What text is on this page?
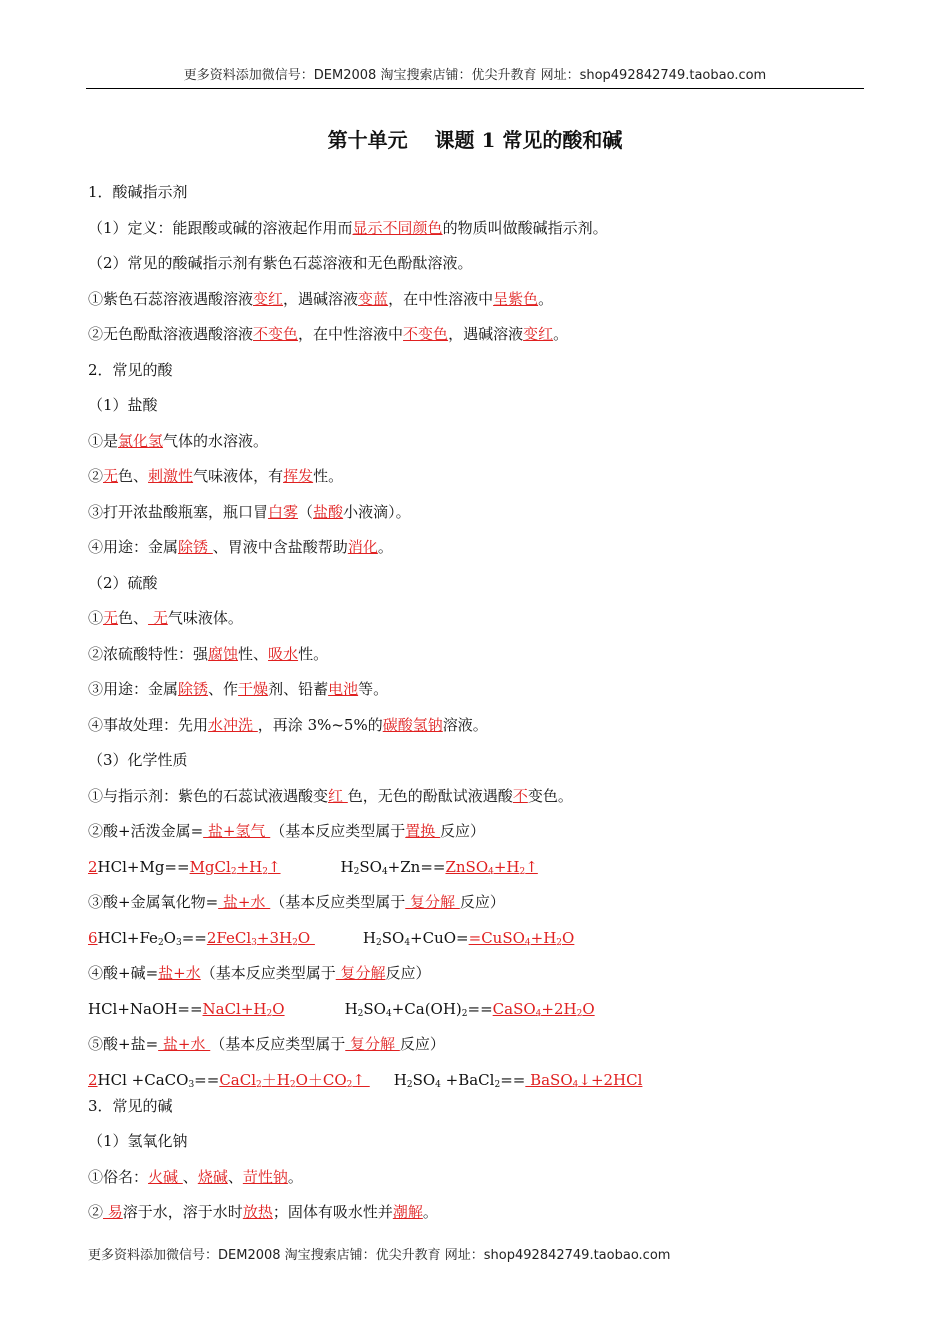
更多资料添加微信号：DEM2008 淘宝搜索店铺：优尖升教育 网址：shop492842749.taobao.com
第十单元　 课题 1 常见的酸和碱
1．酸碱指示剂
（1）定义：能跟酸或碱的溶液起作用而显示不同颜色的物质叫做酸碱指示剂。
（2）常见的酸碱指示剂有紫色石蕊溶液和无色酚酞溶液。
①紫色石蕊溶液遇酸溶液变红，遇碱溶液变蓝，在中性溶液中呈紫色。
②无色酚酞溶液遇酸溶液不变色，在中性溶液中不变色，遇碱溶液变红。
2．常见的酸
（1）盐酸
①是氯化氢气体的水溶液。
②无色、刺激性气味液体，有挥发性。
③打开浓盐酸瓶塞，瓶口冒白雾（盐酸小液滴）。
④用途：金属除锈 、胃液中含盐酸帮助消化。
（2）硫酸
①无色、 无气味液体。
②浓硫酸特性：强腐蚀性、吸水性。
③用途：金属除锈、作干燥剂、铅蓄电池等。
④事故处理：先用水冲洗 ，再涂 3%~5%的碳酸氢钠溶液。
（3）化学性质
①与指示剂：紫色的石蕊试液遇酸变红 色，无色的酚酞试液遇酸不变色。
②酸+活泼金属= 盐+氢气 （基本反应类型属于置换 反应）
$2HCl+Mg==MgCl_2+H_2↑$	$H_2SO_4+Zn==ZnSO_4+H_2↑$
③酸+金属氧化物= 盐+水 （基本反应类型属于 复分解 反应）
$6HCl+Fe_2O_3==2FeCl_3+3H_2O$	$H_2SO_4+CuO==CuSO_4+H_2O$
④酸+碱=盐+水（基本反应类型属于 复分解反应）
$HCl+NaOH==NaCl+H_2O$	$H_2SO_4+Ca(OH)_2==CaSO_4+2H_2O$
⑤酸+盐= 盐+水 （基本反应类型属于 复分解 反应）
$2HCl +CaCO_3==CaCl_2+H_2O+CO_2↑$ $H_2SO_4$ +BaCl$_2$== BaSO$_4$↓+2HCl
3．常见的碱
（1）氢氧化钠
①俗名：火碱 、烧碱、苛性钠。
② 易溶于水，溶于水时放热；固体有吸水性并潮解。
更多资料添加微信号：DEM2008 淘宝搜索店铺：优尖升教育 网址：shop492842749.taobao.com
